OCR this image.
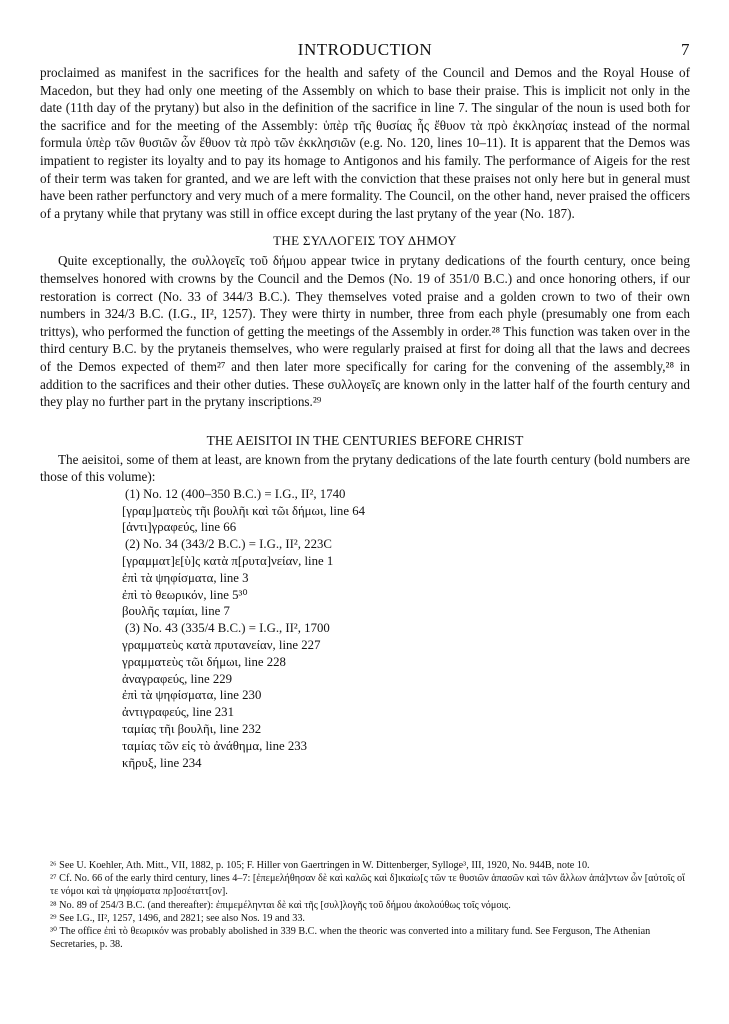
INTRODUCTION	7

proclaimed as manifest in the sacrifices for the health and safety of the Council and Demos and the Royal House of Macedon, but they had only one meeting of the Assembly on which to base their praise. This is implicit not only in the date (11th day of the prytany) but also in the definition of the sacrifice in line 7. The singular of the noun is used both for the sacrifice and for the meeting of the Assembly: ὑπὲρ τῆς θυσίας ἧς ἔθυον τὰ πρὸ ἐκκλησίας instead of the normal formula ὑπὲρ τῶν θυσιῶν ὧν ἔθυον τὰ πρὸ τῶν ἐκκλησιῶν (e.g. No. 120, lines 10–11). It is apparent that the Demos was impatient to register its loyalty and to pay its homage to Antigonos and his family. The performance of Aigeis for the rest of their term was taken for granted, and we are left with the conviction that these praises not only here but in general must have been rather perfunctory and very much of a mere formality. The Council, on the other hand, never praised the officers of a prytany while that prytany was still in office except during the last prytany of the year (No. 187).

ΤΗΕ ΣΥΛΛΟΓΕΙΣ ΤΟΥ ΔΗΜΟΥ

Quite exceptionally, the συλλογεῖς τοῦ δήμου appear twice in prytany dedications of the fourth century, once being themselves honored with crowns by the Council and the Demos (No. 19 of 351/0 B.C.) and once honoring others, if our restoration is correct (No. 33 of 344/3 B.C.). They themselves voted praise and a golden crown to two of their own numbers in 324/3 B.C. (I.G., II², 1257). They were thirty in number, three from each phyle (presumably one from each trittys), who performed the function of getting the meetings of the Assembly in order.²⁸ This function was taken over in the third century B.C. by the prytaneis themselves, who were regularly praised at first for doing all that the laws and decrees of the Demos expected of them²⁷ and then later more specifically for caring for the convening of the assembly,²⁸ in addition to the sacrifices and their other duties. These συλλογεῖς are known only in the latter half of the fourth century and they play no further part in the prytany inscriptions.²⁹

THE AEISITOI IN THE CENTURIES BEFORE CHRIST

The aeisitoi, some of them at least, are known from the prytany dedications of the late fourth century (bold numbers are those of this volume):

(1) No. 12 (400–350 B.C.) = I.G., II², 1740
[γραμ]ματεὺς τῆι βουλῆι καὶ τῶι δήμωι, line 64
[ἀντι]γραφεύς, line 66
(2) No. 34 (343/2 B.C.) = I.G., II², 223C
[γραμματ]ε[ὺ]ς κατὰ π[ρυτα]νείαν, line 1
ἐπὶ τὰ ψηφίσματα, line 3
ἐπὶ τὸ θεωρικόν, line 5³⁰
βουλῆς ταμίαι, line 7
(3) No. 43 (335/4 B.C.) = I.G., II², 1700
γραμματεὺς κατὰ πρυτανείαν, line 227
γραμματεὺς τῶι δήμωι, line 228
ἀναγραφεύς, line 229
ἐπὶ τὰ ψηφίσματα, line 230
ἀντιγραφεύς, line 231
ταμίας τῆι βουλῆι, line 232
ταμίας τῶν εἰς τὸ ἀνάθημα, line 233
κῆρυξ, line 234
²⁶ See U. Koehler, Ath. Mitt., VII, 1882, p. 105; F. Hiller von Gaertringen in W. Dittenberger, Sylloge³, III, 1920, No. 944B, note 10.
²⁷ Cf. No. 66 of the early third century, lines 4–7: [ἐπεμελήθησαν δὲ καὶ καλῶς καὶ δ]ικαίω[ς τῶν τε θυσιῶν ἁπασῶν καὶ τῶν ἄλλων ἁπά]ντων ὧν [αὐτοῖς οἵ τε νόμοι καὶ τὰ ψηφίσματα πρ]οσέταττ[ον].
²⁸ No. 89 of 254/3 B.C. (and thereafter): ἐπιμεμέληνται δὲ καὶ τῆς [συλ]λογῆς τοῦ δήμου ἀκολούθως τοῖς νόμοις.
²⁹ See I.G., II², 1257, 1496, and 2821; see also Nos. 19 and 33.
³⁰ The office ἐπὶ τὸ θεωρικόν was probably abolished in 339 B.C. when the theoric was converted into a military fund. See Ferguson, The Athenian Secretaries, p. 38.
